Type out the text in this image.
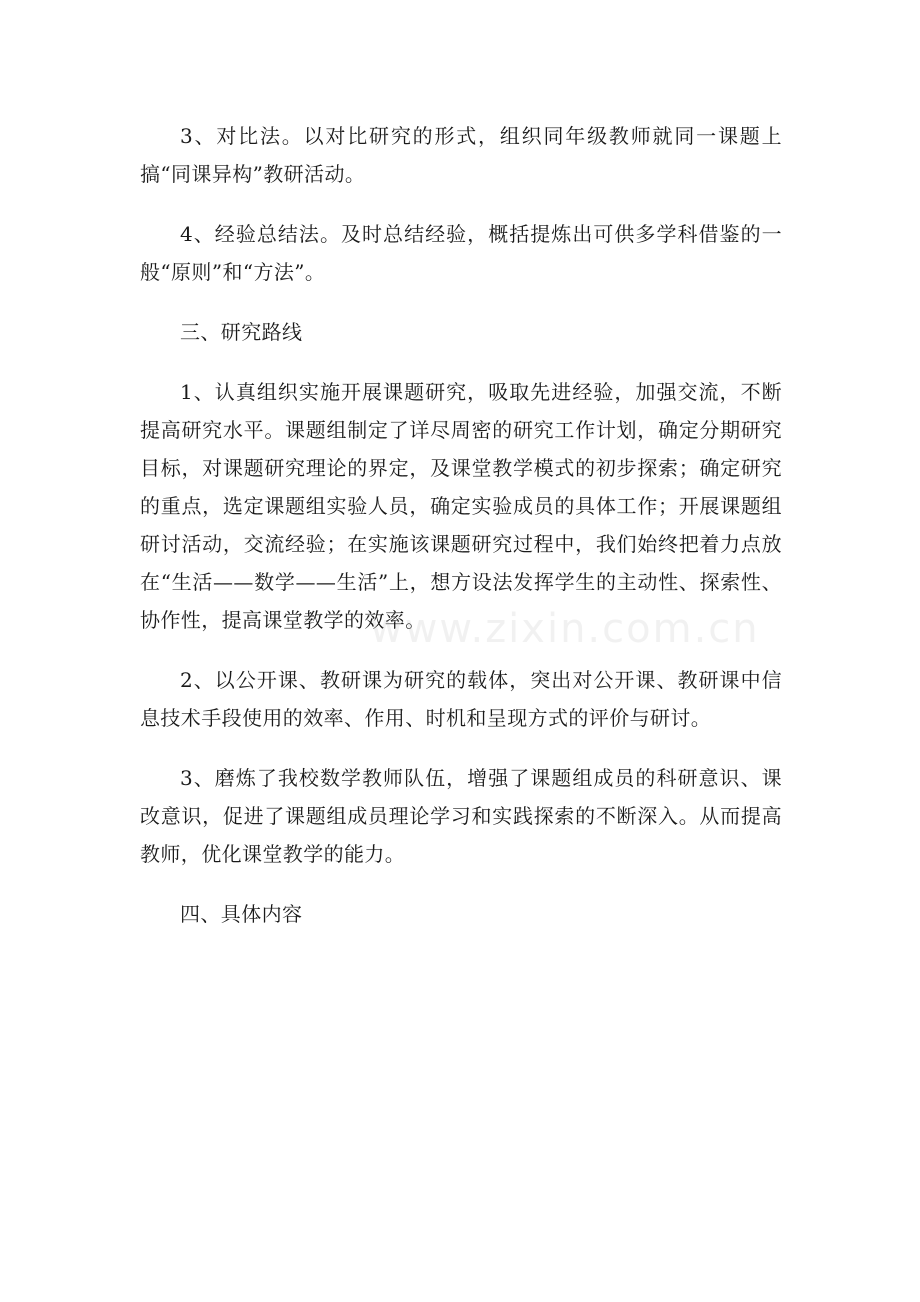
3、对比法。以对比研究的形式，组织同年级教师就同一课题上搞“同课异构”教研活动。

4、经验总结法。及时总结经验，概括提炼出可供多学科借鉴的一般“原则”和“方法”。

三、研究路线

1、认真组织实施开展课题研究，吸取先进经验，加强交流，不断提高研究水平。课题组制定了详尽周密的研究工作计划，确定分期研究目标，对课题研究理论的界定，及课堂教学模式的初步探索；确定研究的重点，选定课题组实验人员，确定实验成员的具体工作；开展课题组研讨活动，交流经验；在实施该课题研究过程中，我们始终把着力点放在“生活——数学——生活”上，想方设法发挥学生的主动性、探索性、协作性，提高课堂教学的效率。

2、以公开课、教研课为研究的载体，突出对公开课、教研课中信息技术手段使用的效率、作用、时机和呈现方式的评价与研讨。

3、磨炼了我校数学教师队伍，增强了课题组成员的科研意识、课改意识，促进了课题组成员理论学习和实践探索的不断深入。从而提高教师，优化课堂教学的能力。

四、具体内容

www.zixin.com.cn
